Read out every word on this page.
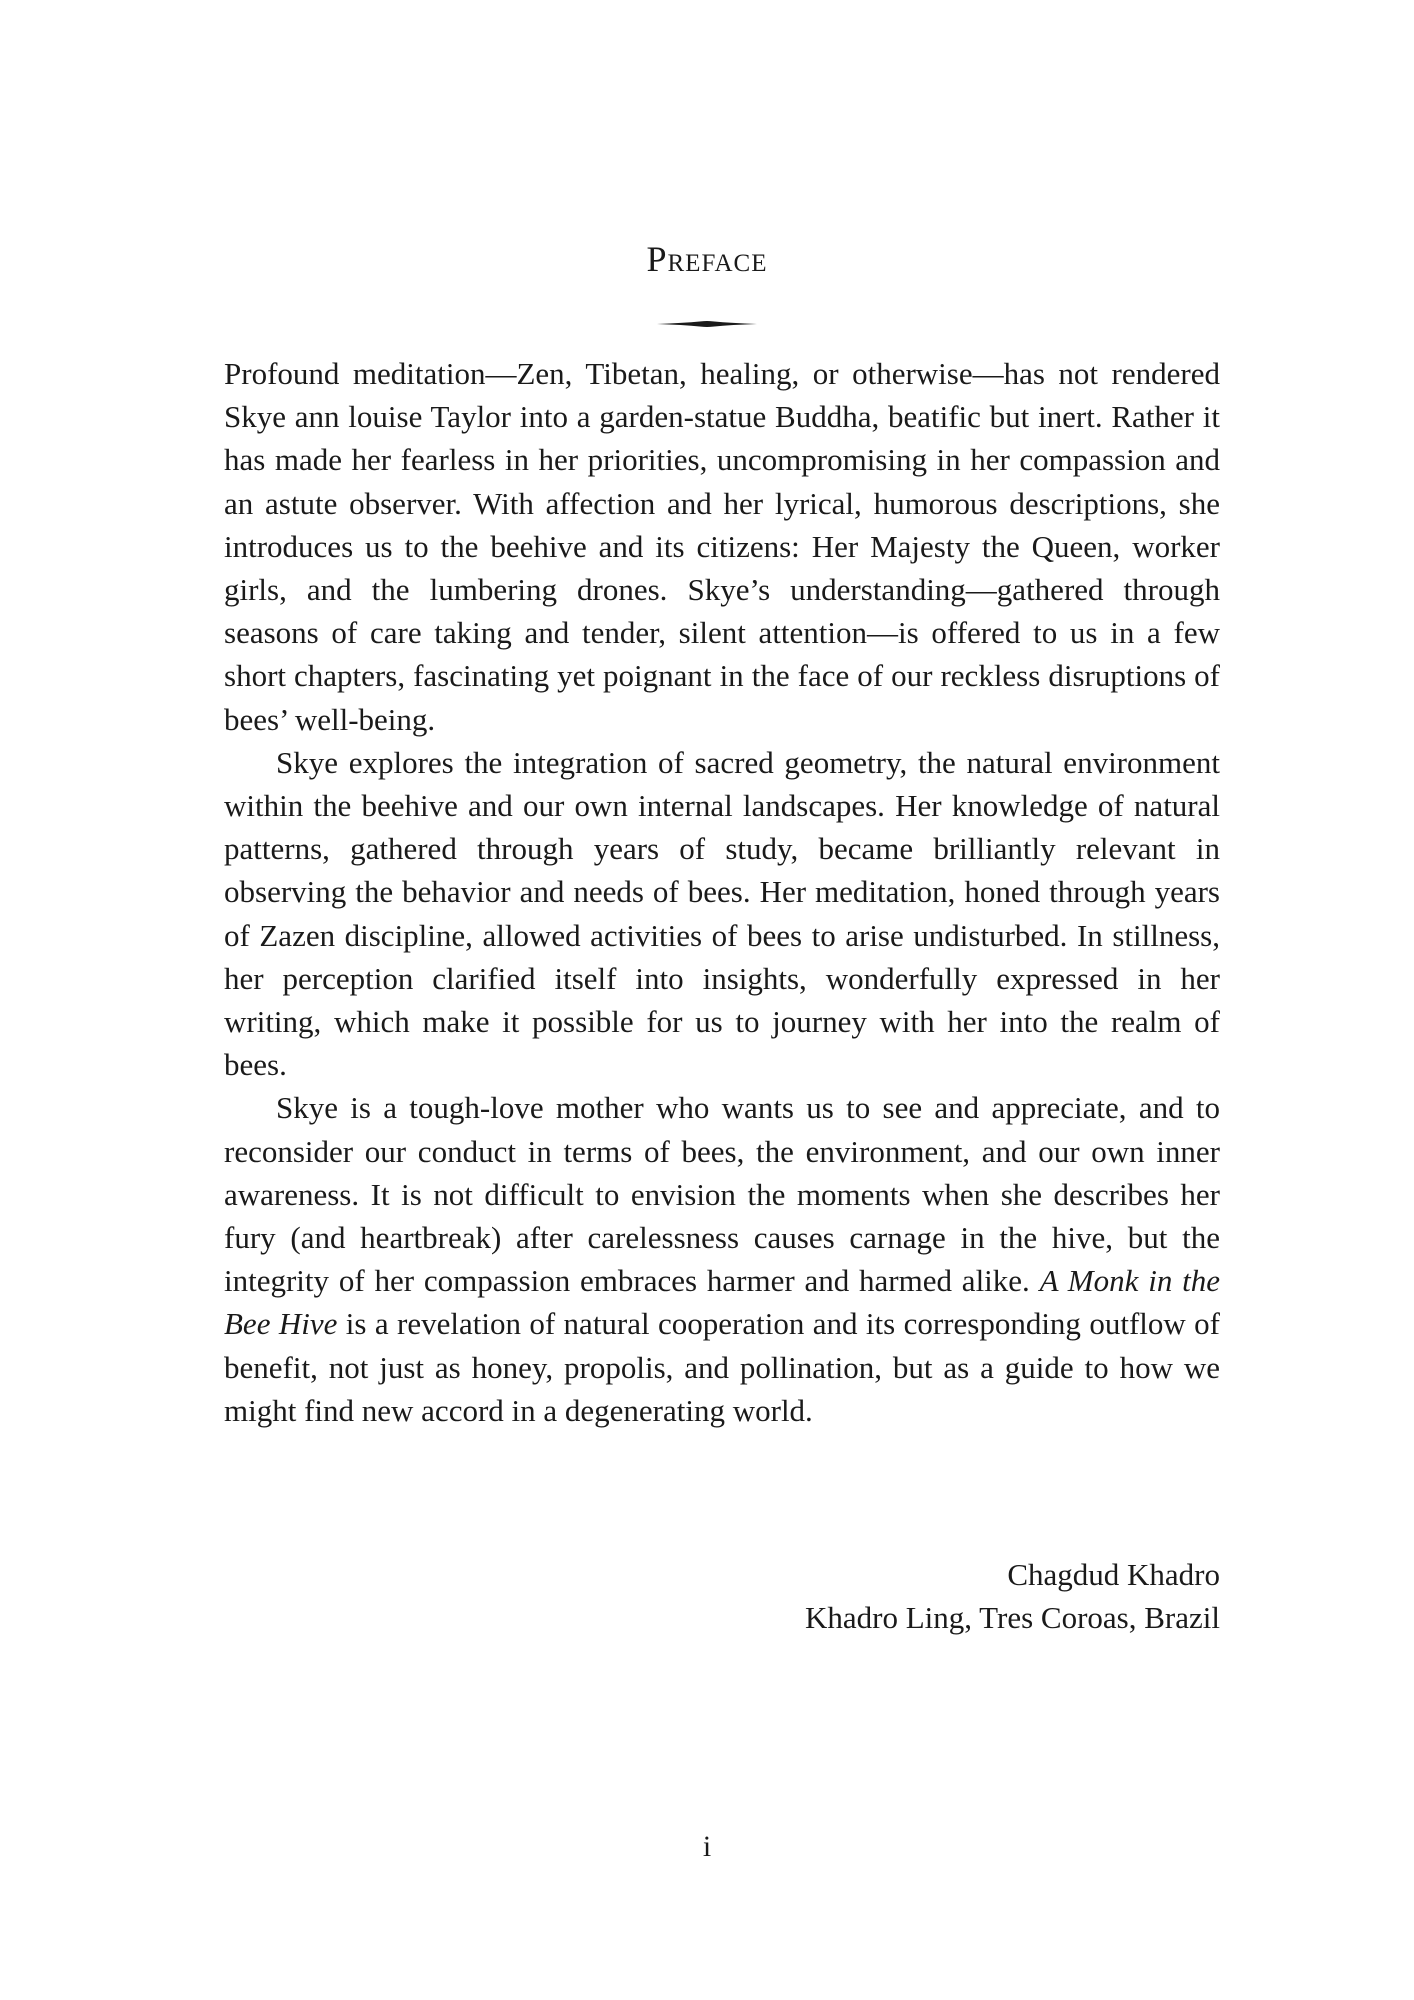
Preface

Profound meditation—Zen, Tibetan, healing, or otherwise—has not rendered Skye ann louise Taylor into a garden-statue Buddha, beatific but inert. Rather it has made her fearless in her priorities, uncompromising in her compassion and an astute observer. With affection and her lyrical, humorous descriptions, she introduces us to the beehive and its citizens: Her Majesty the Queen, worker girls, and the lumbering drones. Skye’s understanding—gathered through seasons of care taking and tender, silent attention—is offered to us in a few short chapters, fascinating yet poignant in the face of our reckless disruptions of bees’ well-being.

Skye explores the integration of sacred geometry, the natural environment within the beehive and our own internal landscapes. Her knowledge of natural patterns, gathered through years of study, became brilliantly relevant in observing the behavior and needs of bees. Her meditation, honed through years of Zazen discipline, allowed activities of bees to arise undisturbed. In stillness, her perception clarified itself into insights, wonderfully expressed in her writing, which make it possible for us to journey with her into the realm of bees.

Skye is a tough-love mother who wants us to see and appreciate, and to reconsider our conduct in terms of bees, the environment, and our own inner awareness. It is not difficult to envision the moments when she describes her fury (and heartbreak) after carelessness causes carnage in the hive, but the integrity of her compassion embraces harmer and harmed alike. A Monk in the Bee Hive is a revelation of natural cooperation and its corresponding outflow of benefit, not just as honey, propolis, and pollination, but as a guide to how we might find new accord in a degenerating world.

Chagdud Khadro
Khadro Ling, Tres Coroas, Brazil
i
